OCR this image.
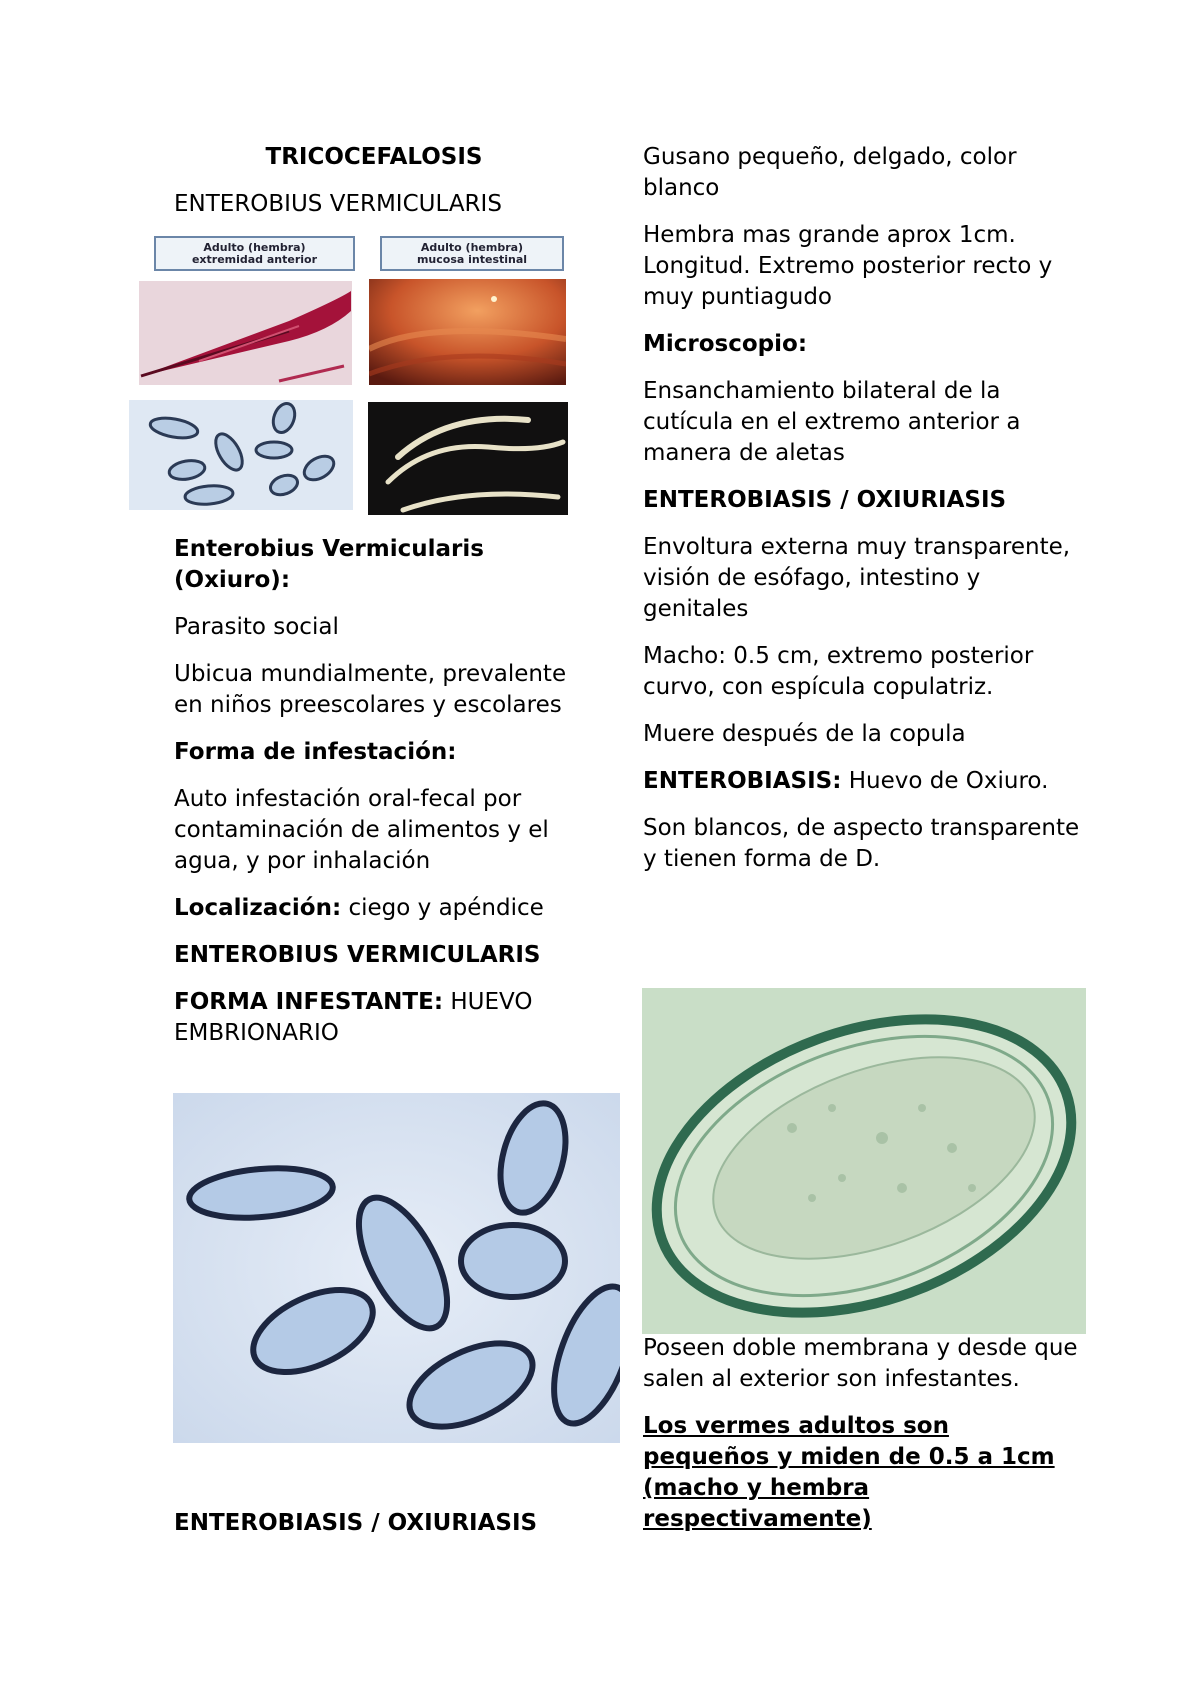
TRICOCEFALOSIS

ENTEROBIUS VERMICULARIS

Adulto (hembra)
extremidad anterior
Adulto (hembra)
mucosa intestinal

Enterobius Vermicularis (Oxiuro):

Parasito social

Ubicua mundialmente, prevalente en niños preescolares y escolares

Forma de infestación:

Auto infestación oral-fecal por contaminación de alimentos y el agua, y por inhalación

Localización: ciego y apéndice

ENTEROBIUS VERMICULARIS

FORMA INFESTANTE: HUEVO EMBRIONARIO

ENTEROBIASIS / OXIURIASIS

Gusano pequeño, delgado, color blanco

Hembra mas grande aprox 1cm. Longitud. Extremo posterior recto y muy puntiagudo

Microscopio:

Ensanchamiento bilateral de la cutícula en el extremo anterior a manera de aletas

ENTEROBIASIS / OXIURIASIS

Envoltura externa muy transparente, visión de esófago, intestino y genitales

Macho: 0.5 cm, extremo posterior curvo, con espícula copulatriz.

Muere después de la copula

ENTEROBIASIS: Huevo de Oxiuro.

Son blancos, de aspecto transparente y tienen forma de D.

Poseen doble membrana y desde que salen al exterior son infestantes.

Los vermes adultos son pequeños y miden de 0.5 a 1cm (macho y hembra respectivamente)
